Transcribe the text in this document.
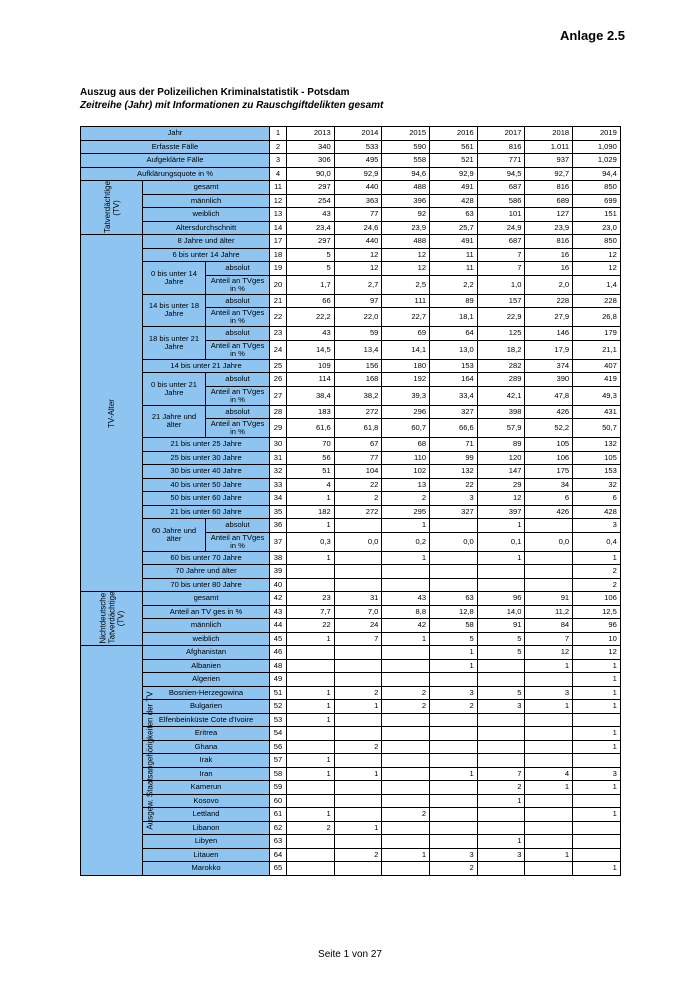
Anlage 2.5
Auszug aus der Polizeilichen Kriminalstatistik - Potsdam
Zeitreihe (Jahr) mit Informationen zu Rauschgiftdelikten gesamt
Jahr			1	2013	2014	2015	2016	2017	2018	2019
Erfasste Fälle			2	340	533	590	561	816	1.011	1,090
Aufgeklärte Fälle			3	306	495	558	521	771	937	1,029
Aufklärungsquote in %			4	90,0	92,9	94,6	92,9	94,5	92,7	94,4
Tatverdächtige (TV)	gesamt		11	297	440	488	491	687	816	850
	männlich		12	254	363	396	428	586	689	699
	weiblich		13	43	77	92	63	101	127	151
	Altersdurchschnitt		14	23,4	24,6	23,9	25,7	24,9	23,9	23,0
TV-Alter	8 Jahre und älter		17	297	440	488	491	687	816	850
	6 bis unter 14 Jahre		18	5	12	12	11	7	16	12
	0 bis unter 14 Jahre	absolut	19	5	12	12	11	7	16	12
		Anteil an TVges in %	20	1,7	2,7	2,5	2,2	1,0	2,0	1,4
	14 bis unter 18 Jahre	absolut	21	66	97	111	89	157	228	228
		Anteil an TVges in %	22	22,2	22,0	22,7	18,1	22,9	27,9	26,8
	18 bis unter 21 Jahre	absolut	23	43	59	69	64	125	146	179
		Anteil an TVges in %	24	14,5	13,4	14,1	13,0	18,2	17,9	21,1
	14 bis unter 21 Jahre		25	109	156	180	153	282	374	407
	0 bis unter 21 Jahre	absolut	26	114	168	192	164	289	390	419
		Anteil an TVges in %	27	38,4	38,2	39,3	33,4	42,1	47,8	49,3
	21 Jahre und älter	absolut	28	183	272	296	327	398	426	431
		Anteil an TVges in %	29	61,6	61,8	60,7	66,6	57,9	52,2	50,7
	21 bis unter 25 Jahre		30	70	67	68	71	89	105	132
	25 bis unter 30 Jahre		31	56	77	110	99	120	106	105
	30 bis unter 40 Jahre		32	51	104	102	132	147	175	153
	40 bis unter 50 Jahre		33	4	22	13	22	29	34	32
	50 bis unter 60 Jahre		34	1	2	2	3	12	6	6
	21 bis unter 60 Jahre		35	182	272	295	327	397	426	428
	60 Jahre und älter	absolut	36	1		1		1		3
		Anteil an TVges in %	37	0,3	0,0	0,2	0,0	0,1	0,0	0,4
	60 bis unter 70 Jahre		38	1		1		1		1
	70 Jahre und älter		39							2
	70 bis unter 80 Jahre		40							2
Nichtdeutsche Tatverdächtige (TV)	gesamt		42	23	31	43	63	96	91	106
	Anteil an TV ges in %		43	7,7	7,0	8,8	12,8	14,0	11,2	12,5
	männlich		44	22	24	42	58	91	84	96
	weiblich		45	1	7	1	5	5	7	10
Ausgew. Staatsangehörigkeiten der TV	Afghanistan		46				1	5	12	12
	Albanien		48				1		1	1
	Algerien		49							1
	Bosnien-Herzegowina		51	1	2	2	3	5	3	1
	Bulgarien		52	1	1	2	2	3	1	1
	Elfenbeinküste Cote d'Ivoire		53	1						
	Eritrea		54							1
	Ghana		56		2					1
	Irak		57	1						
	Iran		58	1	1		1	7	4	3
	Kamerun		59					2	1	1
	Kosovo		60					1		
	Lettland		61	1		2				1
	Libanon		62	2	1					
	Libyen		63					1		
	Litauen		64		2	1	3	3	1	
	Marokko		65				2			1
Seite 1 von 27
